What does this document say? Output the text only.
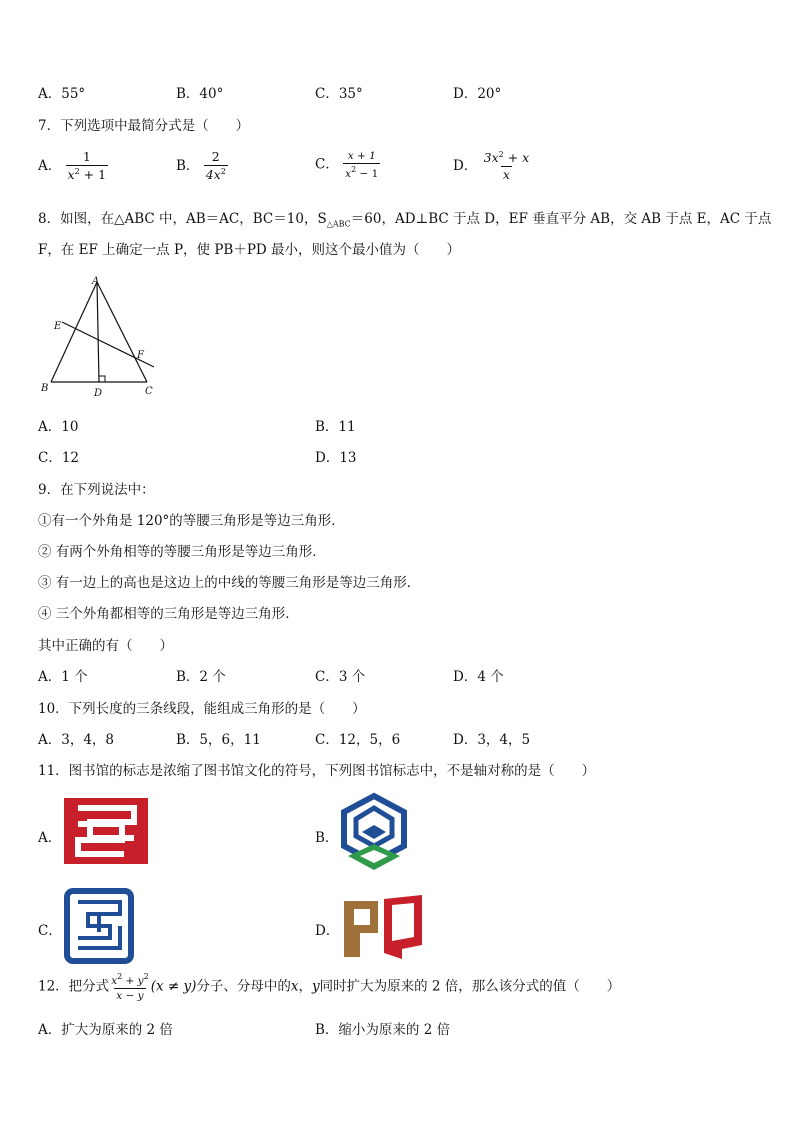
A．55°	B．40°	C．35°	D．20°
7．下列选项中最简分式是（　　）
A． $\frac{1}{x^2 + 1}$	B． $\frac{2}{4x^2}$	C． $\frac{x + 1}{x^2 - 1}$	D． $\frac{3x^2 + x}{x}$
8．如图，在△ABC 中，AB＝AC，BC＝10，$S_{\triangle ABC}=60$，AD⊥BC 于点 D，EF 垂直平分 AB，交 AB 于点 E，AC 于点
F，在 EF 上确定一点 P，使 PB＋PD 最小，则这个最小值为（　　）
A
B	C
D
E
F
A．10	B．11
C．12	D．13
9．在下列说法中：
①有一个外角是 120°的等腰三角形是等边三角形．
② 有两个外角相等的等腰三角形是等边三角形．
③ 有一边上的高也是这边上的中线的等腰三角形是等边三角形．
④ 三个外角都相等的三角形是等边三角形．
其中正确的有（　　）
A．1 个	B．2 个	C．3 个	D．4 个
10．下列长度的三条线段，能组成三角形的是（　　）
A．3，4，8	B．5，6，11	C．12，5，6	D．3，4，5
11．图书馆的标志是浓缩了图书馆文化的符号，下列图书馆标志中，不是轴对称的是（　　）
A．	B．
C．	D．
12．把分式 $\frac{x^2 + y^2}{x - y} (x \ne y)$分子、分母中的x，y同时扩大为原来的 2 倍，那么该分式的值（　　）
A．扩大为原来的 2 倍	B．缩小为原来的 2 倍
